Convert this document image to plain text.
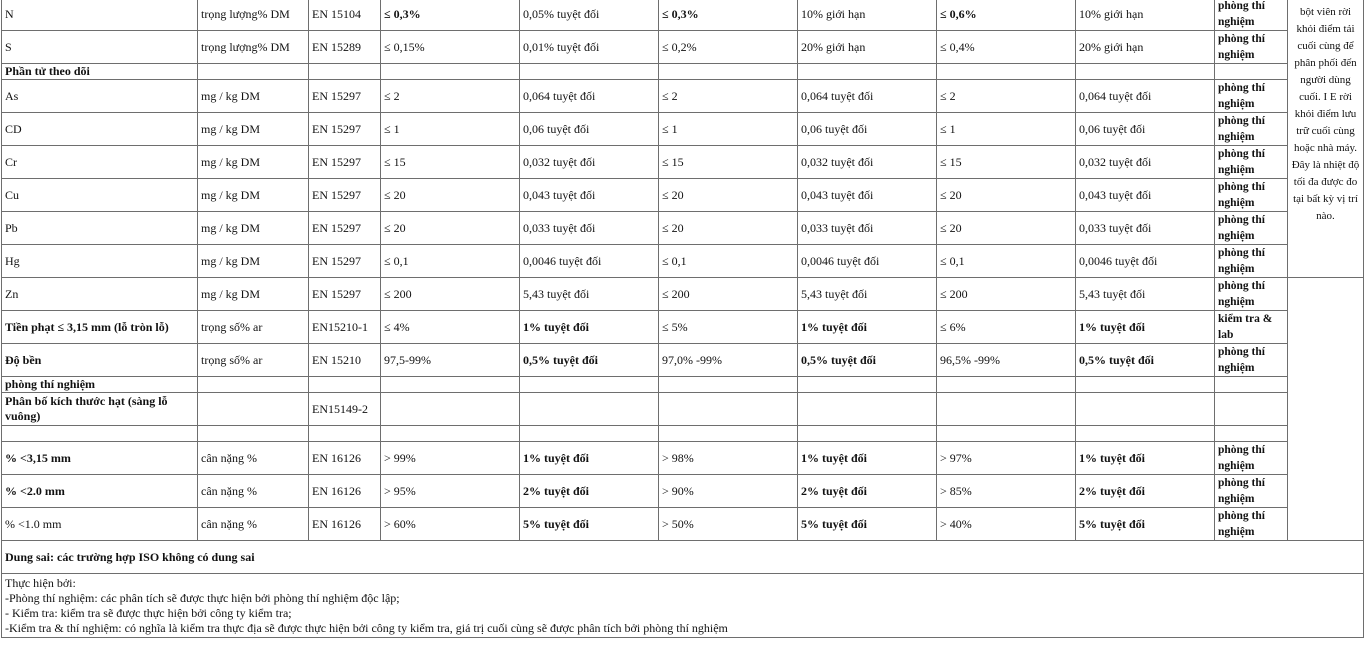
N	trọng lượng% DM	EN 15104	≤ 0,3%	0,05% tuyệt đối	≤ 0,3%	10% giới hạn	≤ 0,6%	10% giới hạn	phòng thí nghiệm	bột viên rời khỏi điểm tải cuối cùng để phân phối đến người dùng cuối. I E rời khỏi điểm lưu trữ cuối cùng hoặc nhà máy. Đây là nhiệt độ tối đa được đo tại bất kỳ vị trí nào.
S	trọng lượng% DM	EN 15289	≤ 0,15%	0,01% tuyệt đối	≤ 0,2%	20% giới hạn	≤ 0,4%	20% giới hạn	phòng thí nghiệm	
Phần tử theo dõi										
As	mg / kg DM	EN 15297	≤ 2	0,064 tuyệt đối	≤ 2	0,064 tuyệt đối	≤ 2	0,064 tuyệt đối	phòng thí nghiệm	
CD	mg / kg DM	EN 15297	≤ 1	0,06 tuyệt đối	≤ 1	0,06 tuyệt đối	≤ 1	0,06 tuyệt đối	phòng thí nghiệm	
Cr	mg / kg DM	EN 15297	≤ 15	0,032 tuyệt đối	≤ 15	0,032 tuyệt đối	≤ 15	0,032 tuyệt đối	phòng thí nghiệm	
Cu	mg / kg DM	EN 15297	≤ 20	0,043 tuyệt đối	≤ 20	0,043 tuyệt đối	≤ 20	0,043 tuyệt đối	phòng thí nghiệm	
Pb	mg / kg DM	EN 15297	≤ 20	0,033 tuyệt đối	≤ 20	0,033 tuyệt đối	≤ 20	0,033 tuyệt đối	phòng thí nghiệm	
Hg	mg / kg DM	EN 15297	≤ 0,1	0,0046 tuyệt đối	≤ 0,1	0,0046 tuyệt đối	≤ 0,1	0,0046 tuyệt đối	phòng thí nghiệm	
Zn	mg / kg DM	EN 15297	≤ 200	5,43 tuyệt đối	≤ 200	5,43 tuyệt đối	≤ 200	5,43 tuyệt đối	phòng thí nghiệm	
Tiền phạt ≤ 3,15 mm (lỗ tròn lỗ)	trọng số% ar	EN15210-1	≤ 4%	1% tuyệt đối	≤ 5%	1% tuyệt đối	≤ 6%	1% tuyệt đối	kiểm tra & lab	
Độ bền	trọng số% ar	EN 15210	97,5-99%	0,5% tuyệt đối	97,0% -99%	0,5% tuyệt đối	96,5% -99%	0,5% tuyệt đối	phòng thí nghiệm	
phòng thí nghiệm										
Phân bố kích thước hạt (sàng lỗ vuông)		EN15149-2								

% <3,15 mm	cân nặng %	EN 16126	> 99%	1% tuyệt đối	> 98%	1% tuyệt đối	> 97%	1% tuyệt đối	phòng thí nghiệm	
% <2.0 mm	cân nặng %	EN 16126	> 95%	2% tuyệt đối	> 90%	2% tuyệt đối	> 85%	2% tuyệt đối	phòng thí nghiệm	
% <1.0 mm	cân nặng %	EN 16126	> 60%	5% tuyệt đối	> 50%	5% tuyệt đối	> 40%	5% tuyệt đối	phòng thí nghiệm	
Dung sai: các trường hợp ISO không có dung sai										

Thực hiện bởi:
-Phòng thí nghiệm: các phân tích sẽ được thực hiện bởi phòng thí nghiệm độc lập;
- Kiểm tra: kiểm tra sẽ được thực hiện bởi công ty kiểm tra;
-Kiểm tra & thí nghiệm: có nghĩa là kiểm tra thực địa sẽ được thực hiện bởi công ty kiểm tra, giá trị cuối cùng sẽ được phân tích bởi phòng thí nghiệm										
